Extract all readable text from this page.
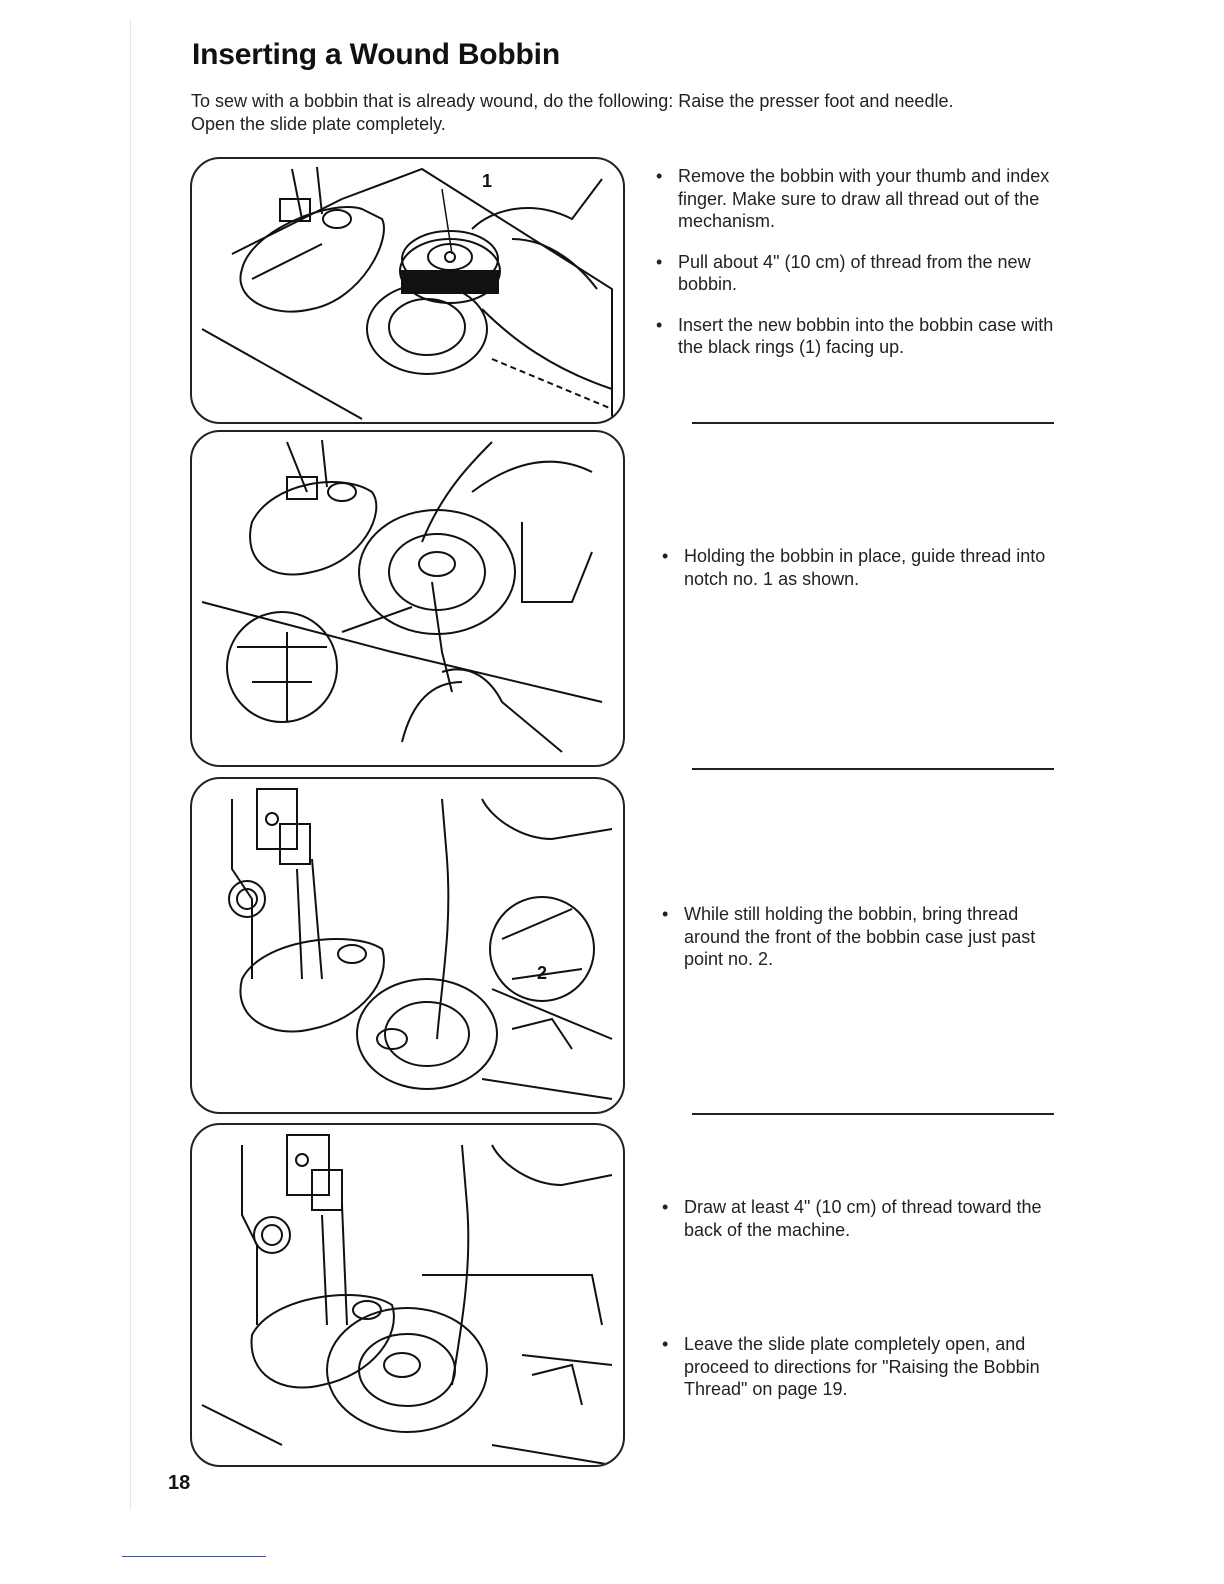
Inserting a Wound Bobbin

To sew with a bobbin that is already wound, do the following: Raise the presser foot and needle. Open the slide plate completely.

1
2
• Remove the bobbin with your thumb and index finger. Make sure to draw all thread out of the mechanism.
• Pull about 4" (10 cm) of thread from the new bobbin.
• Insert the new bobbin into the bobbin case with the black rings (1) facing up.
• Holding the bobbin in place, guide thread into notch no. 1 as shown.
• While still holding the bobbin, bring thread around the front of the bobbin case just past point no. 2.
• Draw at least 4" (10 cm) of thread toward the back of the machine.
• Leave the slide plate completely open, and proceed to directions for "Raising the Bobbin Thread" on page 19.
18
